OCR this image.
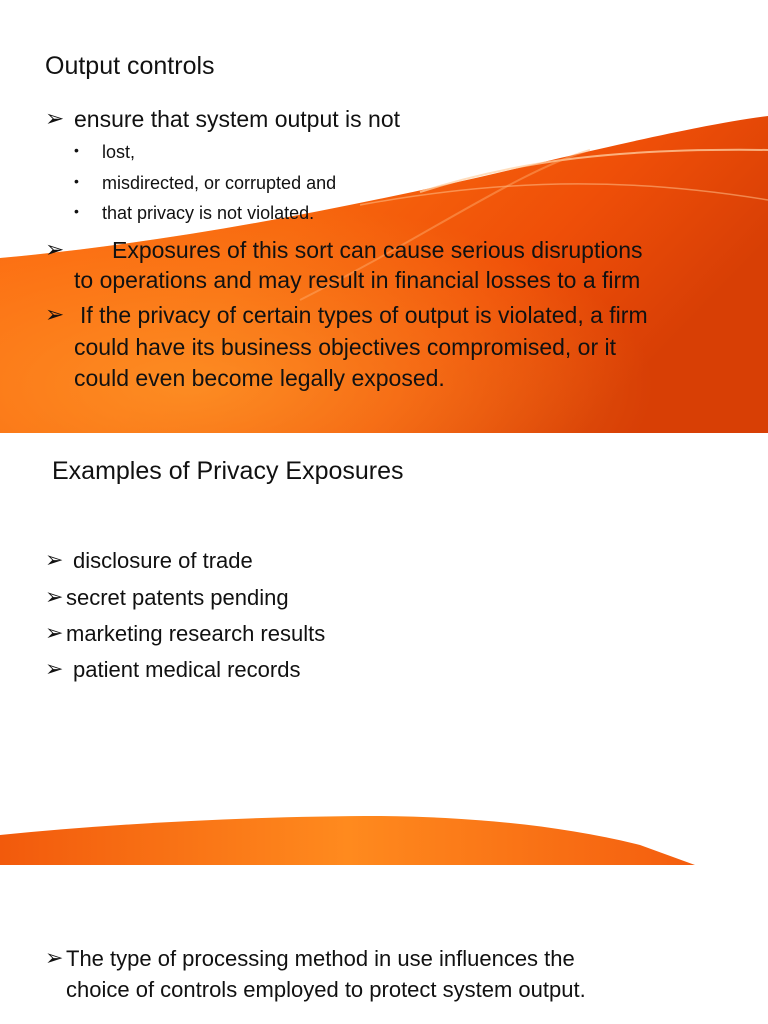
Output controls
➢ ensure that system output is not
• lost,
• misdirected, or corrupted and
• that privacy is not violated.
➢ Exposures of this sort can cause serious disruptions
to operations and may result in financial losses to a firm
➢ If the privacy of certain types of output is violated, a firm
could have its business objectives compromised, or it
could even become legally exposed.
Examples of Privacy Exposures
➢ disclosure of trade
➢ secret patents pending
➢ marketing research results
➢ patient medical records
➢ The type of processing method in use influences the
choice of controls employed to protect system output.
